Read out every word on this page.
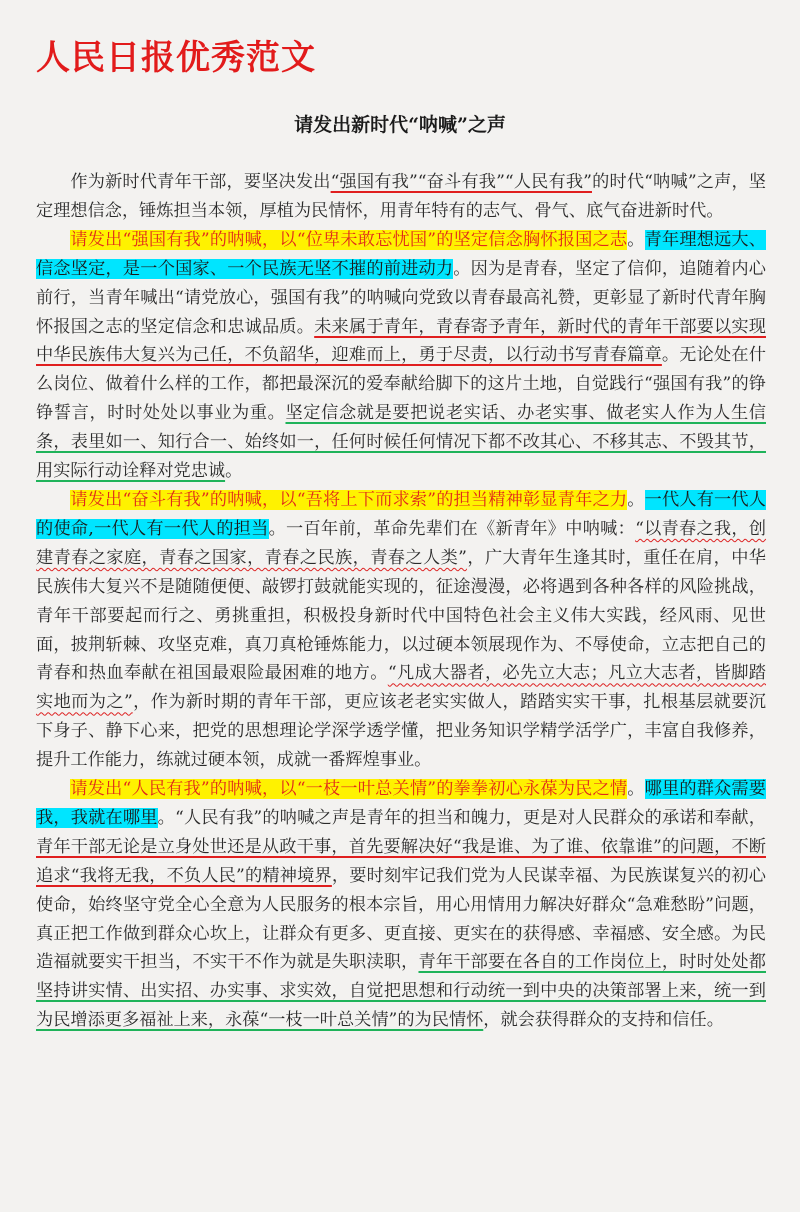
人民日报优秀范文
请发出新时代“呐喊”之声

作为新时代青年干部，要坚决发出“强国有我”“奋斗有我”“人民有我”的时代“呐喊”之声，坚定理想信念，锤炼担当本领，厚植为民情怀，用青年特有的志气、骨气、底气奋进新时代。

请发出“强国有我”的呐喊，以“位卑未敢忘忧国”的坚定信念胸怀报国之志。青年理想远大、信念坚定，是一个国家、一个民族无坚不摧的前进动力。因为是青春，坚定了信仰，追随着内心前行，当青年喊出“请党放心，强国有我”的呐喊向党致以青春最高礼赞，更彰显了新时代青年胸怀报国之志的坚定信念和忠诚品质。未来属于青年，青春寄予青年，新时代的青年干部要以实现中华民族伟大复兴为己任，不负韶华，迎难而上，勇于尽责，以行动书写青春篇章。无论处在什么岗位、做着什么样的工作，都把最深沉的爱奉献给脚下的这片土地，自觉践行“强国有我”的铮铮誓言，时时处处以事业为重。坚定信念就是要把说老实话、办老实事、做老实人作为人生信条，表里如一、知行合一、始终如一，任何时候任何情况下都不改其心、不移其志、不毁其节，用实际行动诠释对党忠诚。

请发出“奋斗有我”的呐喊，以“吾将上下而求索”的担当精神彰显青年之力。一代人有一代人的使命,一代人有一代人的担当。一百年前，革命先辈们在《新青年》中呐喊：“以青春之我，创建青春之家庭，青春之国家，青春之民族，青春之人类”，广大青年生逢其时，重任在肩，中华民族伟大复兴不是随随便便、敲锣打鼓就能实现的，征途漫漫，必将遇到各种各样的风险挑战，青年干部要起而行之、勇挑重担，积极投身新时代中国特色社会主义伟大实践，经风雨、见世面，披荆斩棘、攻坚克难，真刀真枪锤炼能力，以过硬本领展现作为、不辱使命，立志把自己的青春和热血奉献在祖国最艰险最困难的地方。“凡成大器者，必先立大志；凡立大志者，皆脚踏实地而为之”，作为新时期的青年干部，更应该老老实实做人，踏踏实实干事，扎根基层就要沉下身子、静下心来，把党的思想理论学深学透学懂，把业务知识学精学活学广，丰富自我修养，提升工作能力，练就过硬本领，成就一番辉煌事业。

请发出“人民有我”的呐喊，以“一枝一叶总关情”的拳拳初心永葆为民之情。哪里的群众需要我，我就在哪里。“人民有我”的呐喊之声是青年的担当和魄力，更是对人民群众的承诺和奉献，青年干部无论是立身处世还是从政干事，首先要解决好“我是谁、为了谁、依靠谁”的问题，不断追求“我将无我，不负人民”的精神境界，要时刻牢记我们党为人民谋幸福、为民族谋复兴的初心使命，始终坚守党全心全意为人民服务的根本宗旨，用心用情用力解决好群众“急难愁盼”问题，真正把工作做到群众心坎上，让群众有更多、更直接、更实在的获得感、幸福感、安全感。为民造福就要实干担当，不实干不作为就是失职渎职，青年干部要在各自的工作岗位上，时时处处都坚持讲实情、出实招、办实事、求实效，自觉把思想和行动统一到中央的决策部署上来，统一到为民增添更多福祉上来，永葆“一枝一叶总关情”的为民情怀，就会获得群众的支持和信任。
